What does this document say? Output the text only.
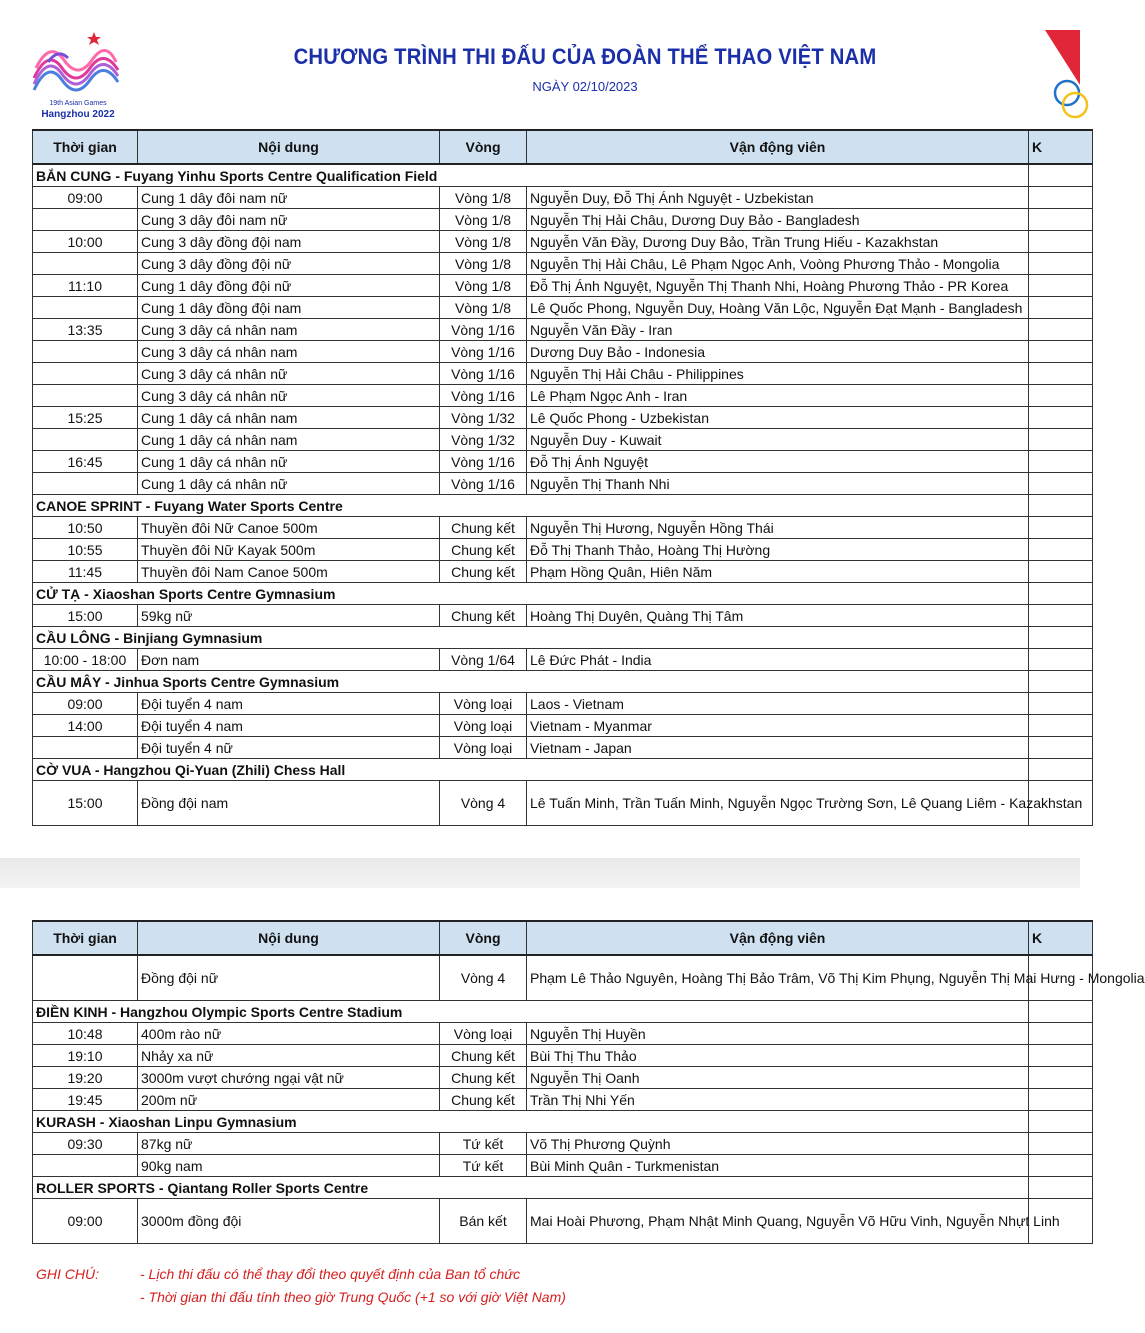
19th Asian Games
Hangzhou 2022
CHƯƠNG TRÌNH THI ĐẤU CỦA ĐOÀN THỂ THAO VIỆT NAM
NGÀY 02/10/2023
Thời gian	Nội dung	Vòng	Vận động viên	K
BẮN CUNG - Fuyang Yinhu Sports Centre Qualification Field				
09:00	Cung 1 dây đôi nam nữ	Vòng 1/8	Nguyễn Duy, Đỗ Thị Ánh Nguyệt - Uzbekistan	
	Cung 3 dây đôi nam nữ	Vòng 1/8	Nguyễn Thị Hải Châu, Dương Duy Bảo - Bangladesh	
10:00	Cung 3 dây đồng đội nam	Vòng 1/8	Nguyễn Văn Đầy, Dương Duy Bảo, Trần Trung Hiếu - Kazakhstan	
	Cung 3 dây đồng đội nữ	Vòng 1/8	Nguyễn Thị Hải Châu, Lê Phạm Ngọc Anh, Voòng Phương Thảo - Mongolia	
11:10	Cung 1 dây đồng đội nữ	Vòng 1/8	Đỗ Thị Ánh Nguyệt, Nguyễn Thị Thanh Nhi, Hoàng Phương Thảo - PR Korea	
	Cung 1 dây đồng đội nam	Vòng 1/8	Lê Quốc Phong, Nguyễn Duy, Hoàng Văn Lộc, Nguyễn Đạt Mạnh - Bangladesh	
13:35	Cung 3 dây cá nhân nam	Vòng 1/16	Nguyễn Văn Đầy - Iran	
	Cung 3 dây cá nhân nam	Vòng 1/16	Dương Duy Bảo - Indonesia	
	Cung 3 dây cá nhân nữ	Vòng 1/16	Nguyễn Thị Hải Châu - Philippines	
	Cung 3 dây cá nhân nữ	Vòng 1/16	Lê Phạm Ngọc Anh - Iran	
15:25	Cung 1 dây cá nhân nam	Vòng 1/32	Lê Quốc Phong - Uzbekistan	
	Cung 1 dây cá nhân nam	Vòng 1/32	Nguyễn Duy - Kuwait	
16:45	Cung 1 dây cá nhân nữ	Vòng 1/16	Đỗ Thị Ánh Nguyệt	
	Cung 1 dây cá nhân nữ	Vòng 1/16	Nguyễn Thị Thanh Nhi	
CANOE SPRINT - Fuyang Water Sports Centre				
10:50	Thuyền đôi Nữ Canoe 500m	Chung kết	Nguyễn Thị Hương, Nguyễn Hồng Thái	
10:55	Thuyền đôi Nữ Kayak 500m	Chung kết	Đỗ Thị Thanh Thảo, Hoàng Thị Hường	
11:45	Thuyền đôi Nam Canoe 500m	Chung kết	Phạm Hồng Quân, Hiên Năm	
CỬ TẠ - Xiaoshan Sports Centre Gymnasium				
15:00	59kg nữ	Chung kết	Hoàng Thị Duyên, Quàng Thị Tâm	
CẦU LÔNG - Binjiang Gymnasium				
10:00 - 18:00	Đơn nam	Vòng 1/64	Lê Đức Phát - India	
CẦU MÂY - Jinhua Sports Centre Gymnasium				
09:00	Đội tuyển 4 nam	Vòng loại	Laos - Vietnam	
14:00	Đội tuyển 4 nam	Vòng loại	Vietnam - Myanmar	
	Đội tuyển 4 nữ	Vòng loại	Vietnam - Japan	
CỜ VUA - Hangzhou Qi-Yuan (Zhili) Chess Hall				
15:00	Đồng đội nam	Vòng 4	Lê Tuấn Minh, Trần Tuấn Minh, Nguyễn Ngọc Trường Sơn, Lê Quang Liêm - Kazakhstan	
Thời gian	Nội dung	Vòng	Vận động viên	K
	Đồng đội nữ	Vòng 4	Phạm Lê Thảo Nguyên, Hoàng Thị Bảo Trâm, Võ Thị Kim Phụng, Nguyễn Thị Mai Hưng - Mongolia	
ĐIỀN KINH - Hangzhou Olympic Sports Centre Stadium				
10:48	400m rào nữ	Vòng loại	Nguyễn Thị Huyền	
19:10	Nhảy xa nữ	Chung kết	Bùi Thị Thu Thảo	
19:20	3000m vượt chướng ngại vật nữ	Chung kết	Nguyễn Thị Oanh	
19:45	200m nữ	Chung kết	Trần Thị Nhi Yến	
KURASH - Xiaoshan Linpu Gymnasium				
09:30	87kg nữ	Tứ kết	Võ Thị Phương Quỳnh	
	90kg nam	Tứ kết	Bùi Minh Quân - Turkmenistan	
ROLLER SPORTS - Qiantang Roller Sports Centre				
09:00	3000m đồng đội	Bán kết	Mai Hoài Phương, Phạm Nhật Minh Quang, Nguyễn Võ Hữu Vinh, Nguyễn Nhựt Linh	
GHI CHÚ:	- Lịch thi đấu có thể thay đổi theo quyết định của Ban tổ chức
- Thời gian thi đấu tính theo giờ Trung Quốc (+1 so với giờ Việt Nam)
